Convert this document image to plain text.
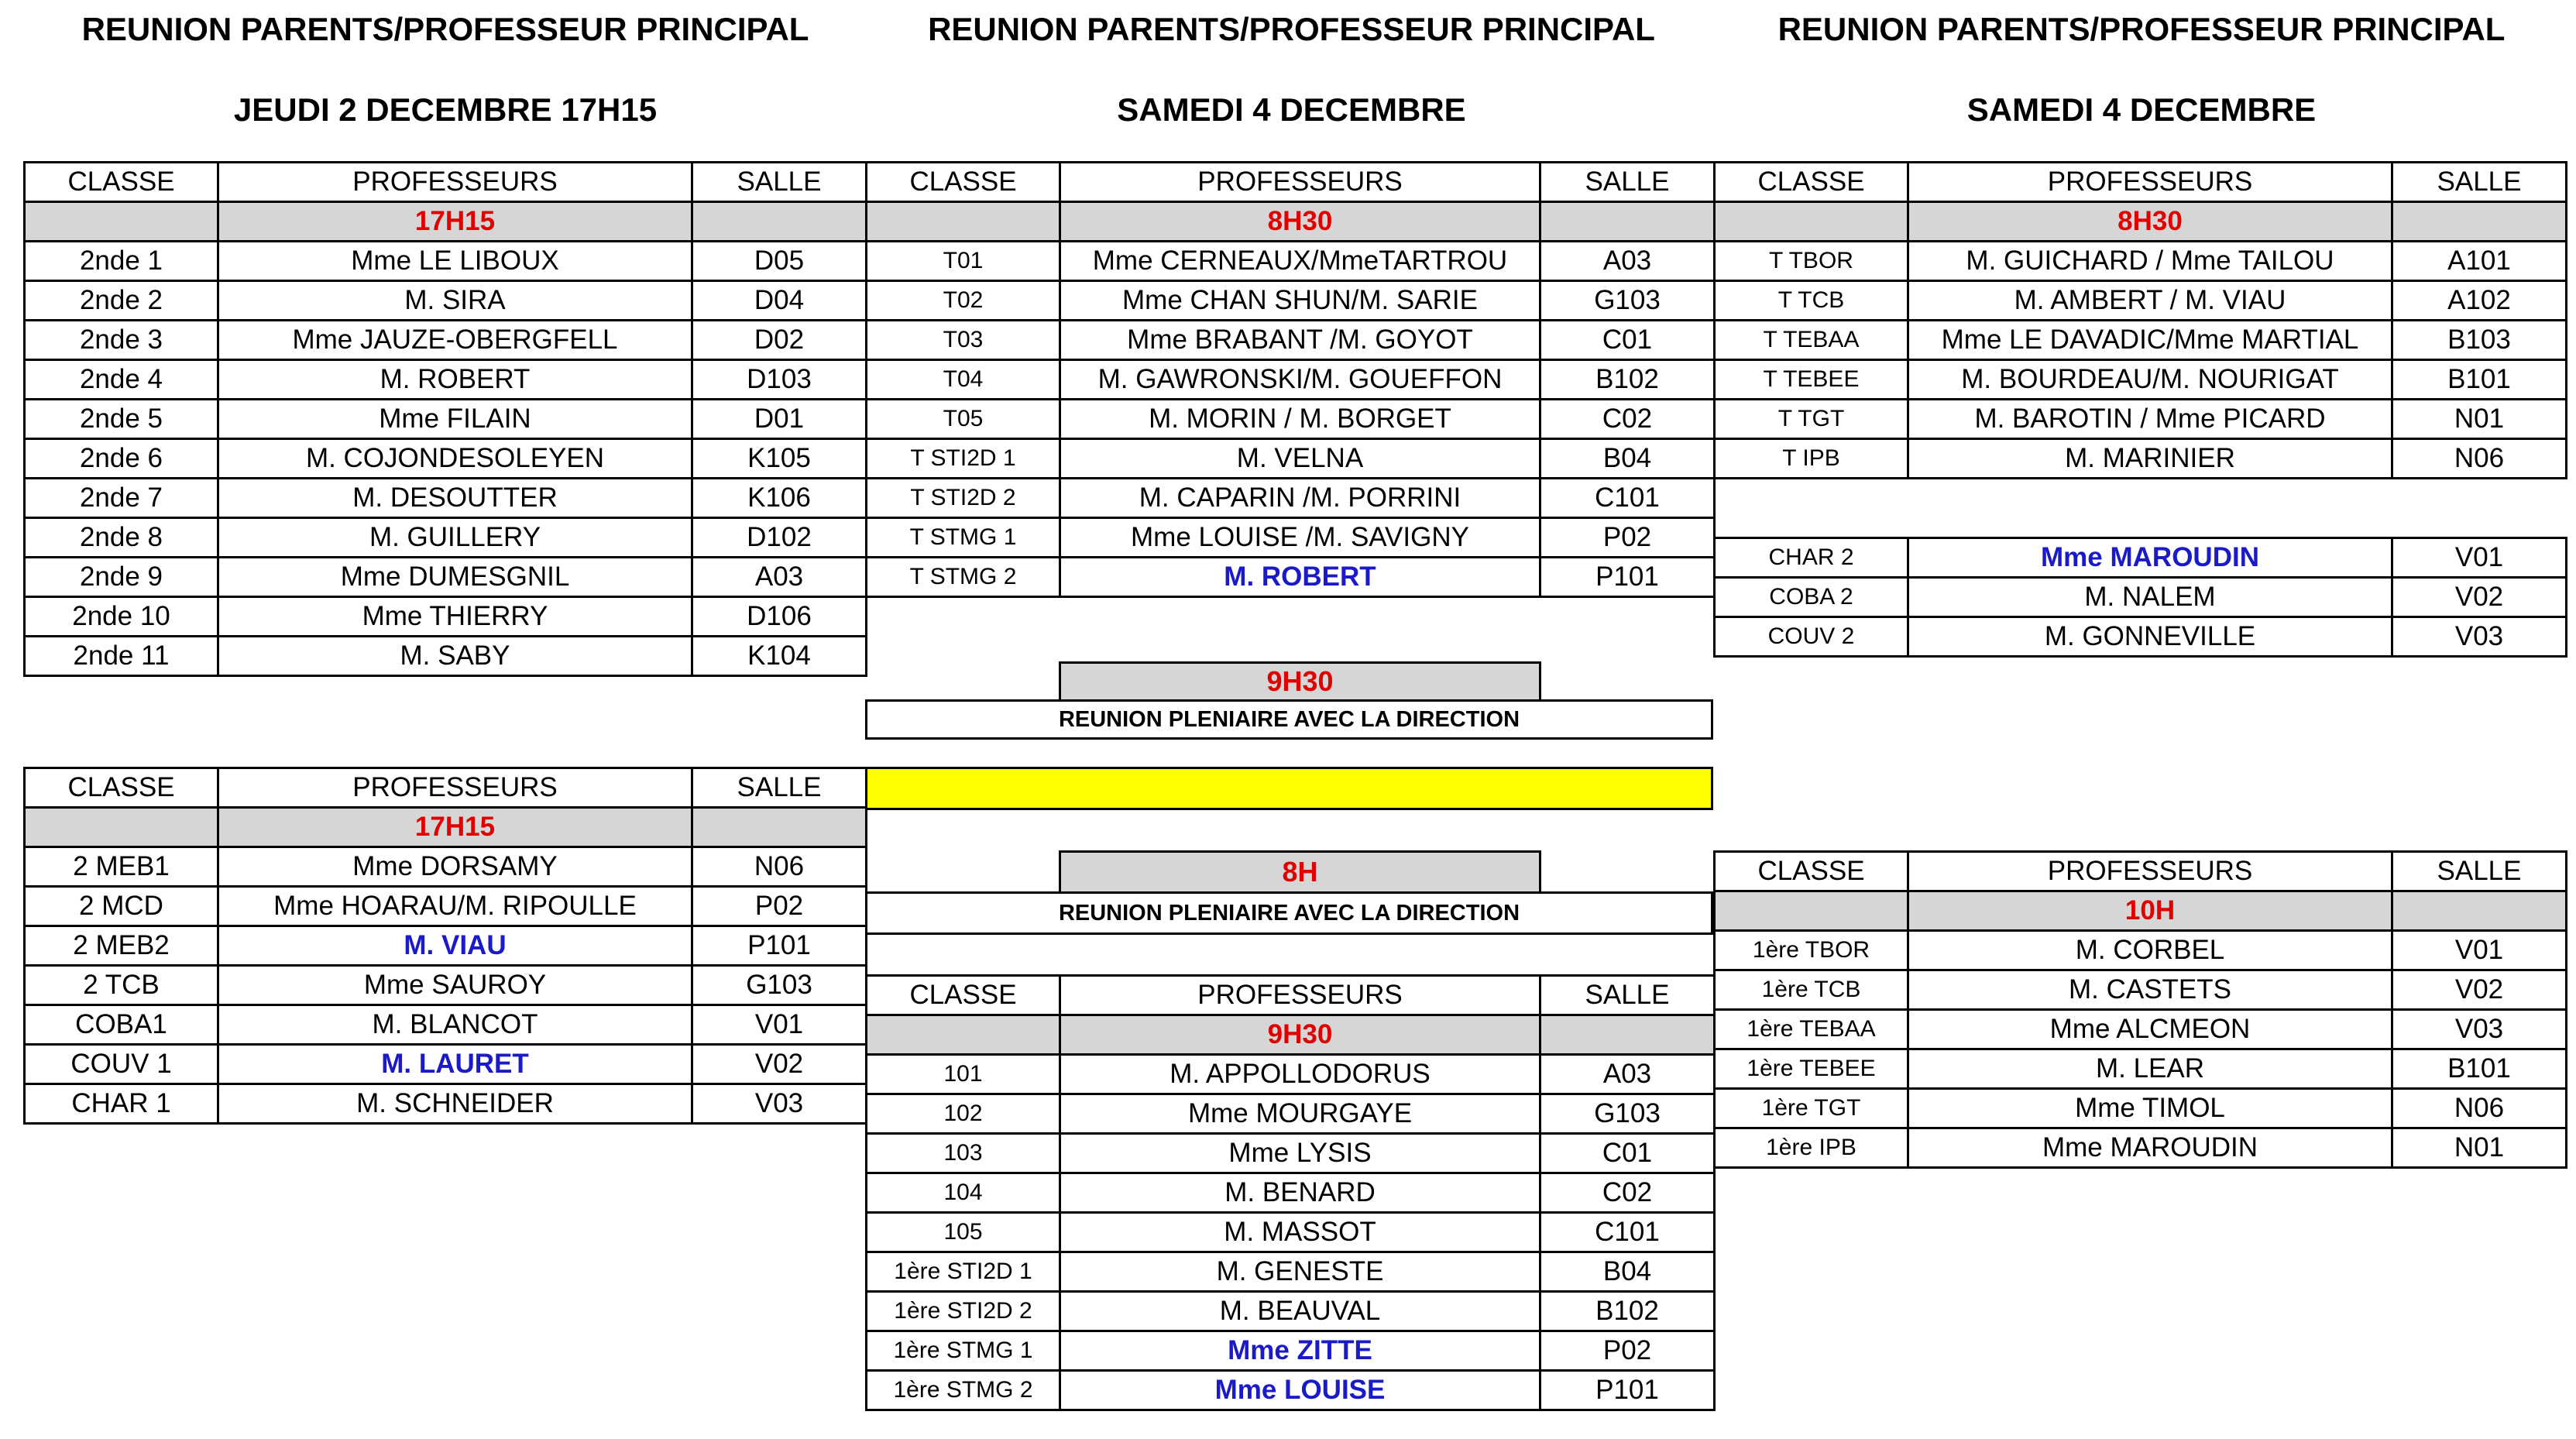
REUNION PARENTS/PROFESSEUR PRINCIPAL
JEUDI 2 DECEMBRE 17H15
REUNION PARENTS/PROFESSEUR PRINCIPAL
SAMEDI 4 DECEMBRE
REUNION PARENTS/PROFESSEUR PRINCIPAL
SAMEDI 4 DECEMBRE
CLASSE	PROFESSEURS	SALLE
	17H15	
2nde 1	Mme LE LIBOUX	D05
2nde 2	M. SIRA	D04
2nde 3	Mme JAUZE-OBERGFELL	D02
2nde 4	M. ROBERT	D103
2nde 5	Mme FILAIN	D01
2nde 6	M. COJONDESOLEYEN	K105
2nde 7	M. DESOUTTER	K106
2nde 8	M. GUILLERY	D102
2nde 9	Mme DUMESGNIL	A03
2nde 10	Mme THIERRY	D106
2nde 11	M. SABY	K104
CLASSE	PROFESSEURS	SALLE
	17H15	
2 MEB1	Mme DORSAMY	N06
2 MCD	Mme HOARAU/M. RIPOULLE	P02
2 MEB2	M. VIAU	P101
2 TCB	Mme SAUROY	G103
COBA1	M. BLANCOT	V01
COUV 1	M. LAURET	V02
CHAR 1	M. SCHNEIDER	V03
CLASSE	PROFESSEURS	SALLE
	8H30	
T01	Mme CERNEAUX/MmeTARTROU	A03
T02	Mme CHAN SHUN/M. SARIE	G103
T03	Mme BRABANT /M. GOYOT	C01
T04	M. GAWRONSKI/M. GOUEFFON	B102
T05	M. MORIN / M. BORGET	C02
T STI2D 1	M. VELNA	B04
T STI2D 2	M. CAPARIN /M. PORRINI	C101
T STMG 1	Mme LOUISE /M. SAVIGNY	P02
T STMG 2	M. ROBERT	P101
9H30
REUNION PLENIAIRE AVEC LA DIRECTION
8H
REUNION PLENIAIRE AVEC LA DIRECTION
CLASSE	PROFESSEURS	SALLE
	9H30	
101	M. APPOLLODORUS	A03
102	Mme MOURGAYE	G103
103	Mme LYSIS	C01
104	M. BENARD	C02
105	M. MASSOT	C101
1ère STI2D 1	M. GENESTE	B04
1ère STI2D 2	M. BEAUVAL	B102
1ère STMG 1	Mme ZITTE	P02
1ère STMG 2	Mme LOUISE	P101
CLASSE	PROFESSEURS	SALLE
	8H30	
T TBOR	M. GUICHARD / Mme TAILOU	A101
T TCB	M. AMBERT / M. VIAU	A102
T TEBAA	Mme LE DAVADIC/Mme MARTIAL	B103
T TEBEE	M. BOURDEAU/M. NOURIGAT	B101
T TGT	M. BAROTIN / Mme PICARD	N01
T IPB	M. MARINIER	N06
CHAR 2	Mme MAROUDIN	V01
COBA 2	M. NALEM	V02
COUV 2	M. GONNEVILLE	V03
CLASSE	PROFESSEURS	SALLE
	10H	
1ère TBOR	M. CORBEL	V01
1ère TCB	M. CASTETS	V02
1ère TEBAA	Mme ALCMEON	V03
1ère TEBEE	M. LEAR	B101
1ère TGT	Mme TIMOL	N06
1ère IPB	Mme MAROUDIN	N01
